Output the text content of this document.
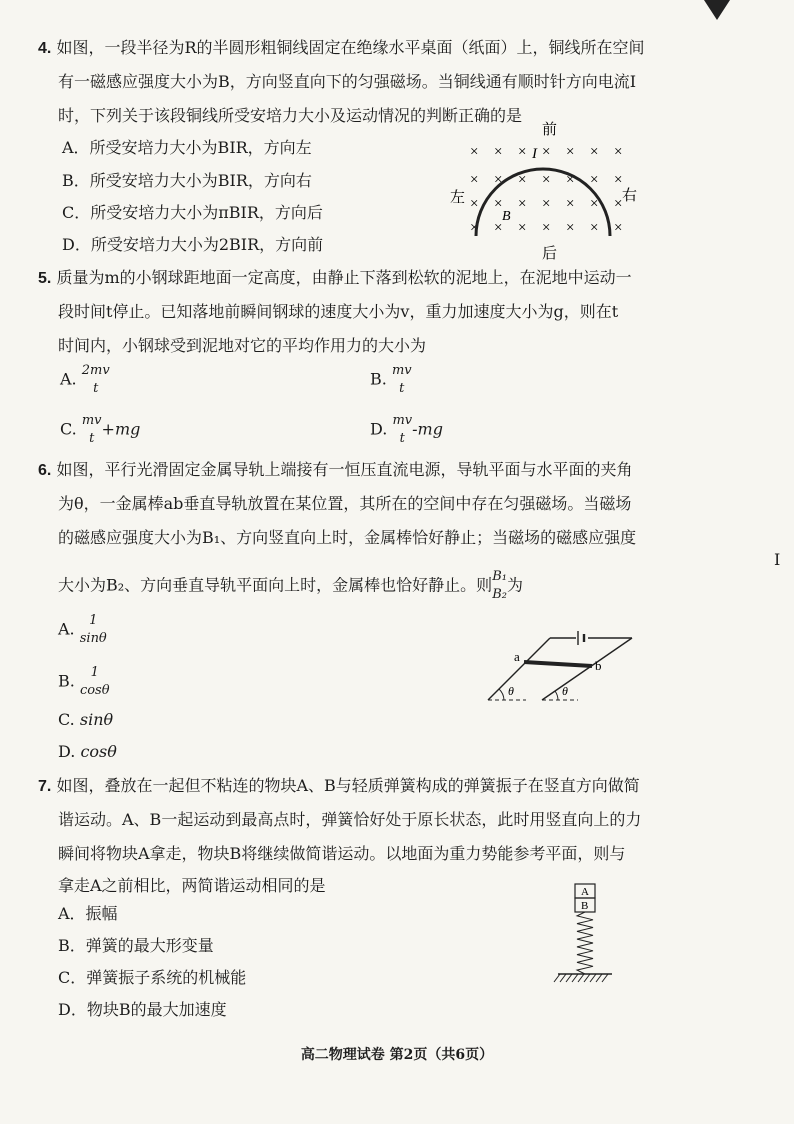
4. 如图，一段半径为R的半圆形粗铜线固定在绝缘水平桌面（纸面）上，铜线所在空间
有一磁感应强度大小为B，方向竖直向下的匀强磁场。当铜线通有顺时针方向电流I
时，下列关于该段铜线所受安培力大小及运动情况的判断正确的是
A．所受安培力大小为BIR，方向左
B．所受安培力大小为BIR，方向右
C．所受安培力大小为πBIR，方向后
D．所受安培力大小为2BIR，方向前
前
后
左	右
× × × × × × ×
× × × × × × ×
× × × × × × ×
× × × × × × ×
I
B
5. 质量为m的小钢球距地面一定高度，由静止下落到松软的泥地上，在泥地中运动一
段时间t停止。已知落地前瞬间钢球的速度大小为v，重力加速度大小为g，则在t
时间内，小钢球受到泥地对它的平均作用力的大小为
A. 2mv
t	B. mv
t
C. mv
t +mg	D. mv
t -mg
6. 如图，平行光滑固定金属导轨上端接有一恒压直流电源，导轨平面与水平面的夹角
为θ，一金属棒ab垂直导轨放置在某位置，其所在的空间中存在匀强磁场。当磁场
的磁感应强度大小为B₁、方向竖直向上时，金属棒恰好静止；当磁场的磁感应强度
大小为B₂、方向垂直导轨平面向上时，金属棒也恰好静止。则 B₁
B₂ 为
A.	1
sinθ
B.	1
cosθ
C. sinθ
D. cosθ
a
b
θ	θ
7. 如图，叠放在一起但不粘连的物块A、B与轻质弹簧构成的弹簧振子在竖直方向做简
谐运动。A、B一起运动到最高点时，弹簧恰好处于原长状态，此时用竖直向上的力
瞬间将物块A拿走，物块B将继续做简谐运动。以地面为重力势能参考平面，则与
拿走A之前相比，两简谐运动相同的是
A．振幅
B．弹簧的最大形变量
C．弹簧振子系统的机械能
D．物块B的最大加速度
A
B
I
高二物理试卷 第2页（共6页）
